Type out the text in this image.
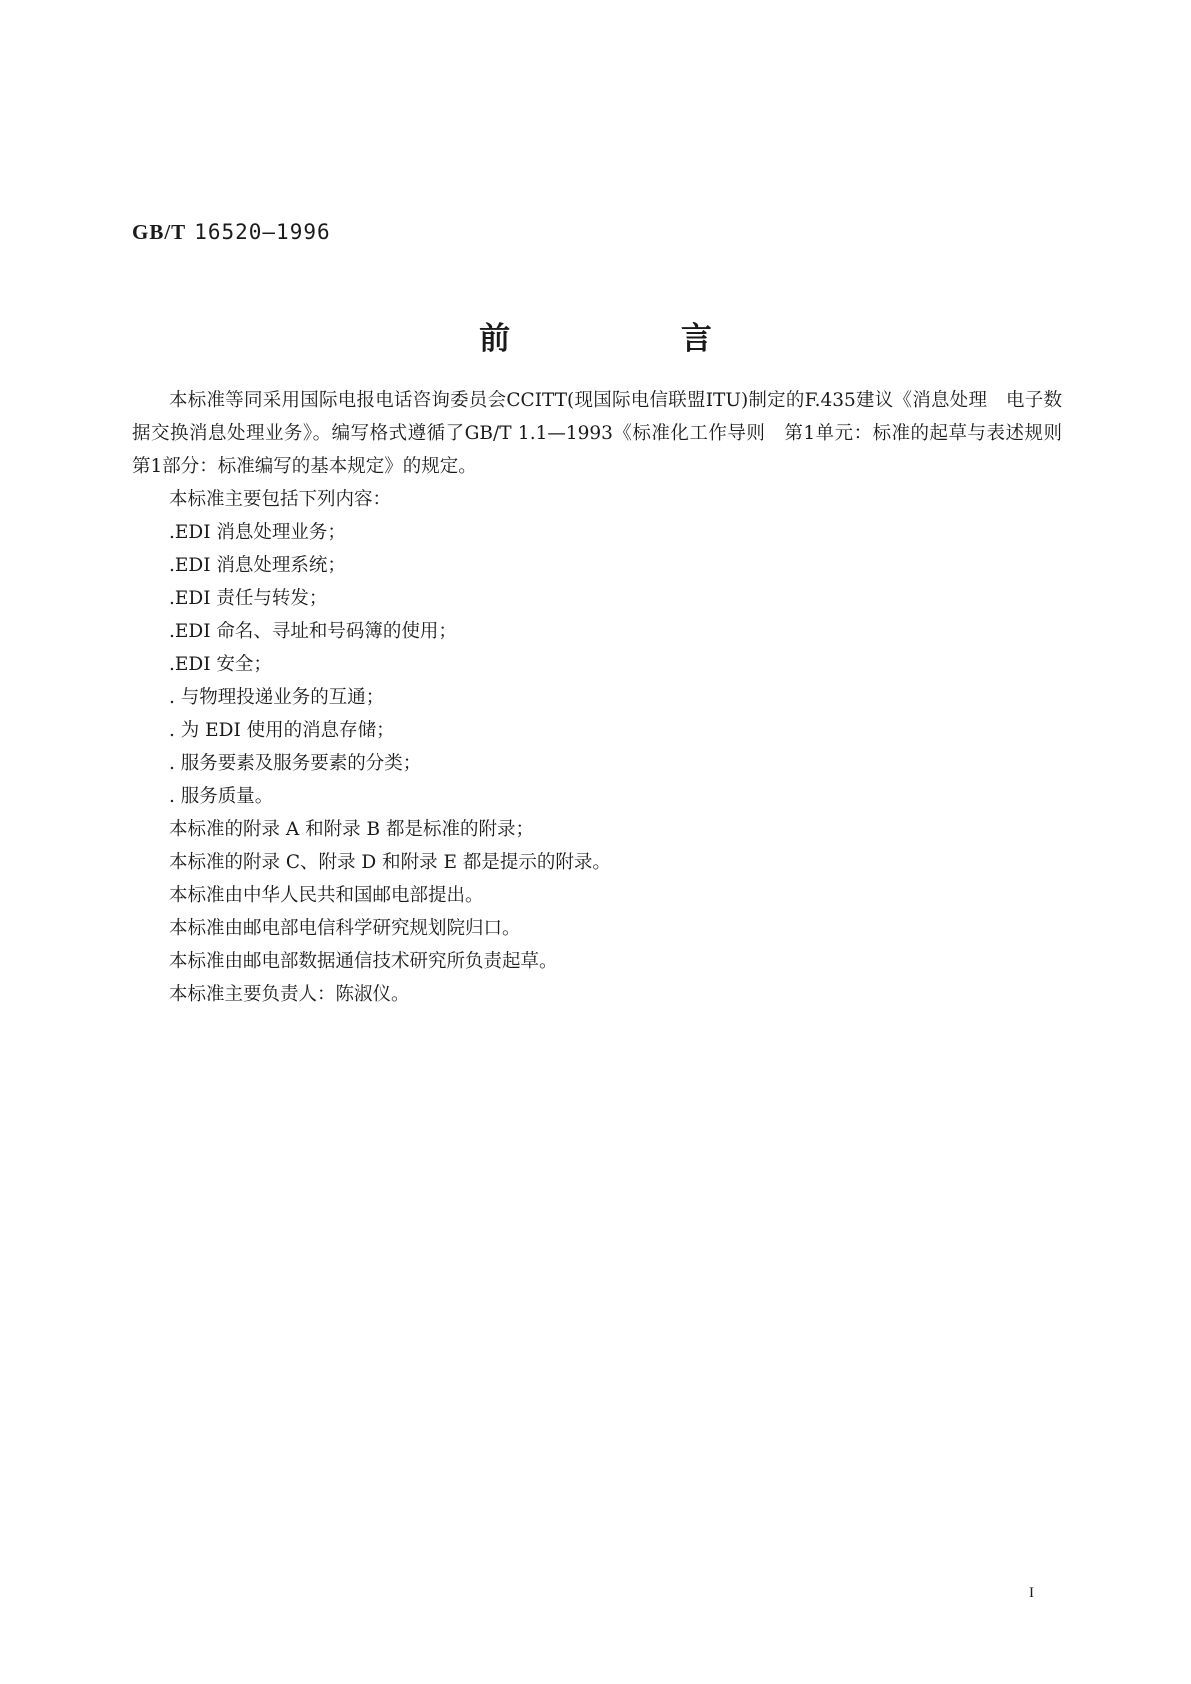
GB/T 16520—1996
前 言

本标准等同采用国际电报电话咨询委员会CCITT(现国际电信联盟ITU)制定的F.435建议《消息处理　电子数据交换消息处理业务》。编写格式遵循了GB/T 1.1—1993《标准化工作导则　第1单元：标准的起草与表述规则　第1部分：标准编写的基本规定》的规定。

本标准主要包括下列内容：

.EDI 消息处理业务；

.EDI 消息处理系统；

.EDI 责任与转发；

.EDI 命名、寻址和号码簿的使用；

.EDI 安全；

. 与物理投递业务的互通；

. 为 EDI 使用的消息存储；

. 服务要素及服务要素的分类；

. 服务质量。

本标准的附录 A 和附录 B 都是标准的附录；

本标准的附录 C、附录 D 和附录 E 都是提示的附录。

本标准由中华人民共和国邮电部提出。

本标准由邮电部电信科学研究规划院归口。

本标准由邮电部数据通信技术研究所负责起草。

本标准主要负责人：陈淑仪。

I
